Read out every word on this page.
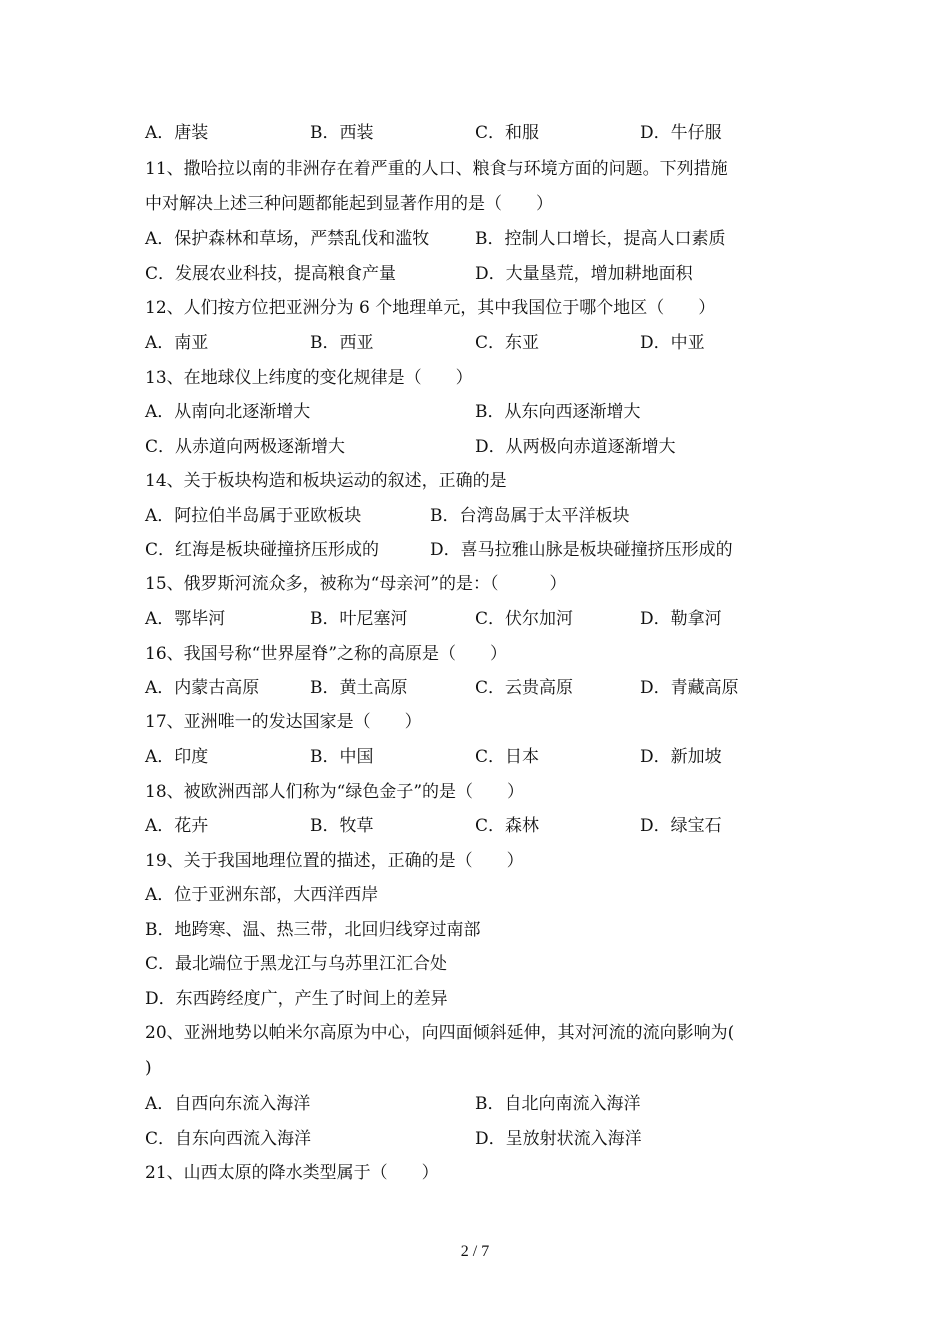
A．唐装	B．西装	C．和服	D．牛仔服
11、撒哈拉以南的非洲存在着严重的人口、粮食与环境方面的问题。下列措施
中对解决上述三种问题都能起到显著作用的是（　　）
A．保护森林和草场，严禁乱伐和滥牧	B．控制人口增长，提高人口素质
C．发展农业科技，提高粮食产量	D．大量垦荒，增加耕地面积
12、人们按方位把亚洲分为 6 个地理单元，其中我国位于哪个地区（　　）
A．南亚	B．西亚	C．东亚	D．中亚
13、在地球仪上纬度的变化规律是（　　）
A．从南向北逐渐增大	B．从东向西逐渐增大
C．从赤道向两极逐渐增大	D．从两极向赤道逐渐增大
14、关于板块构造和板块运动的叙述，正确的是
A．阿拉伯半岛属于亚欧板块	B．台湾岛属于太平洋板块
C．红海是板块碰撞挤压形成的	D．喜马拉雅山脉是板块碰撞挤压形成的
15、俄罗斯河流众多，被称为“母亲河”的是：（　　　）
A．鄂毕河	B．叶尼塞河	C．伏尔加河	D．勒拿河
16、我国号称“世界屋脊”之称的高原是（　　）
A．内蒙古高原	B．黄土高原	C．云贵高原	D．青藏高原
17、亚洲唯一的发达国家是（　　）
A．印度	B．中国	C．日本	D．新加坡
18、被欧洲西部人们称为“绿色金子”的是（　　）
A．花卉	B．牧草	C．森林	D．绿宝石
19、关于我国地理位置的描述，正确的是（　　）
A．位于亚洲东部，大西洋西岸
B．地跨寒、温、热三带，北回归线穿过南部
C．最北端位于黑龙江与乌苏里江汇合处
D．东西跨经度广，产生了时间上的差异
20、亚洲地势以帕米尔高原为中心，向四面倾斜延伸，其对河流的流向影响为(
)
A．自西向东流入海洋	B．自北向南流入海洋
C．自东向西流入海洋	D．呈放射状流入海洋
21、山西太原的降水类型属于（　　）
2 / 7
